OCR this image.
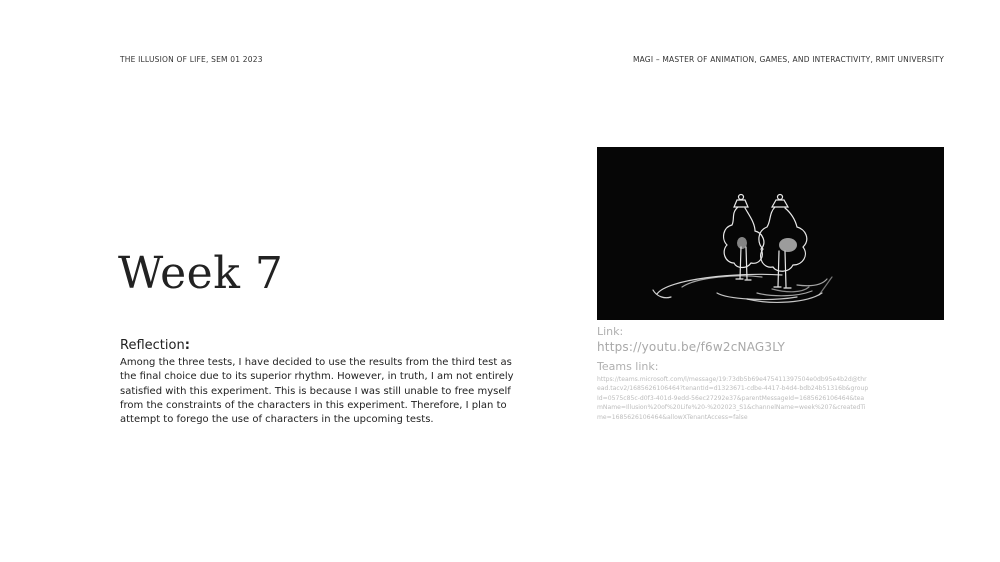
THE ILLUSION OF LIFE, SEM 01 2023	MAGI – MASTER OF ANIMATION, GAMES, AND INTERACTIVITY, RMIT UNIVERSITY
Week 7
Reflection:
Among the three tests, I have decided to use the results from the third test as the final choice due to its superior rhythm. However, in truth, I am not entirely satisfied with this experiment. This is because I was still unable to free myself from the constraints of the characters in this experiment. Therefore, I plan to attempt to forego the use of characters in the upcoming tests.
Link:
https://youtu.be/f6w2cNAG3LY
Teams link:
https://teams.microsoft.com/l/message/19:73db5b69e475411397504e0db95e4b2d@thread.tacv2/1685626106464?tenantId=d1323671-cdbe-4417-b4d4-bdb24b51316b&groupId=0575c85c-d0f3-401d-9edd-56ec27292e37&parentMessageId=1685626106464&teamName=Illusion%20of%20Life%20-%202023_S1&channelName=week%207&createdTime=1685626106464&allowXTenantAccess=false
